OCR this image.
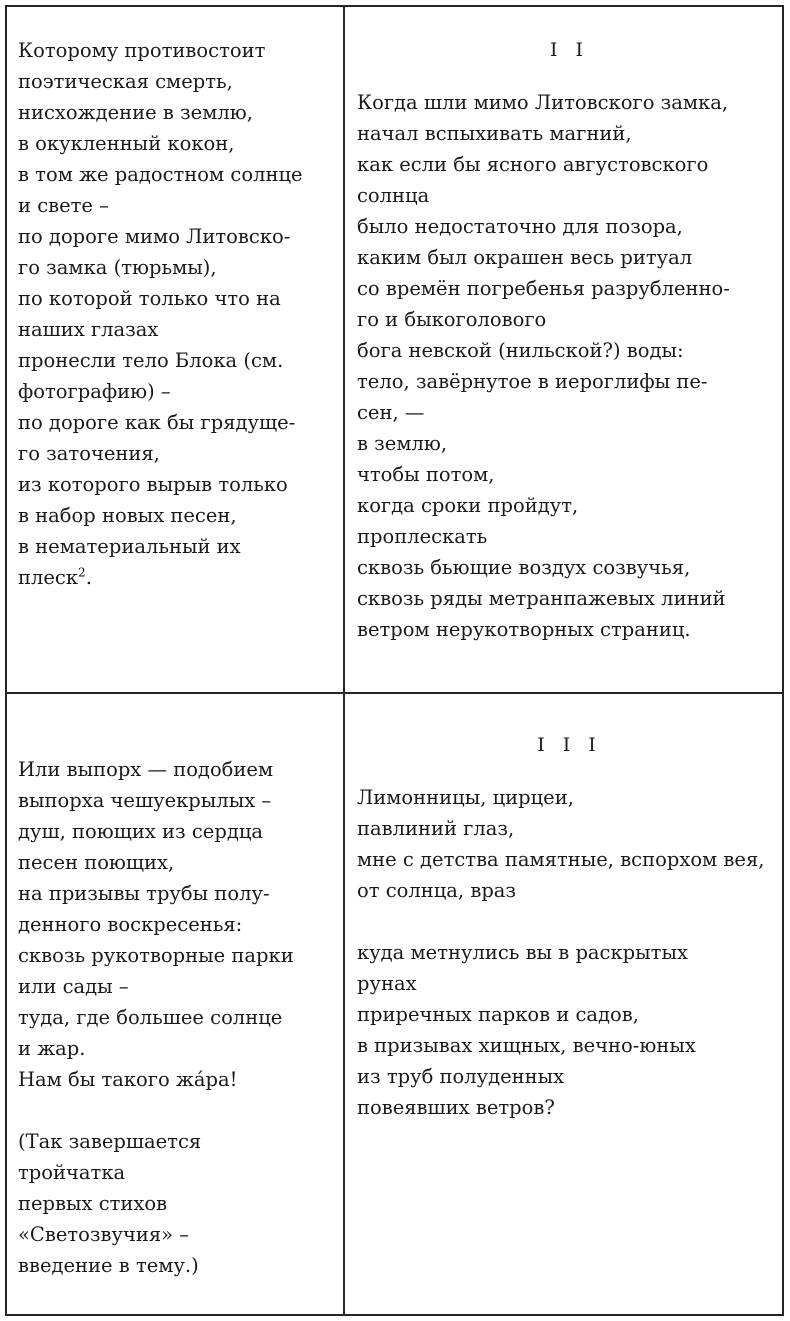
Которому противостоит
поэтическая смерть,
нисхождение в землю,
в окукленный кокон,
в том же радостном солнце
и свете –
по дороге мимо Литовско-
го замка (тюрьмы),
по которой только что на
наших глазах
пронесли тело Блока (см.
фотографию) –
по дороге как бы грядуще-
го заточения,
из которого вырыв только
в набор новых песен,
в нематериальный их
плеск$^2$.
I I
Когда шли мимо Литовского замка,
начал вспыхивать магний,
как если бы ясного августовского
солнца
было недостаточно для позора,
каким был окрашен весь ритуал
со времён погребенья разрубленно-
го и быкоголового
бога невской (нильской?) воды:
тело, завёрнутое в иероглифы пе-
сен, —
в землю,
чтобы потом,
когда сроки пройдут,
проплескать
сквозь бьющие воздух созвучья,
сквозь ряды метранпажевых линий
ветром нерукотворных страниц.
Или выпорх — подобием
выпорха чешуекрылых –
душ, поющих из сердца
песен поющих,
на призывы трубы полу-
денного воскресенья:
сквозь рукотворные парки
или сады –
туда, где большее солнце
и жар.
Нам бы такого жа́ра!

(Так завершается
тройчатка
первых стихов
«Светозвучия» –
введение в тему.)
I I I
Лимонницы, цирцеи,
павлиний глаз,
мне с детства памятные, вспорхом вея,
от солнца, враз

куда метнулись вы в раскрытых
рунах
приречных парков и садов,
в призывах хищных, вечно-юных
из труб полуденных
повеявших ветров?
